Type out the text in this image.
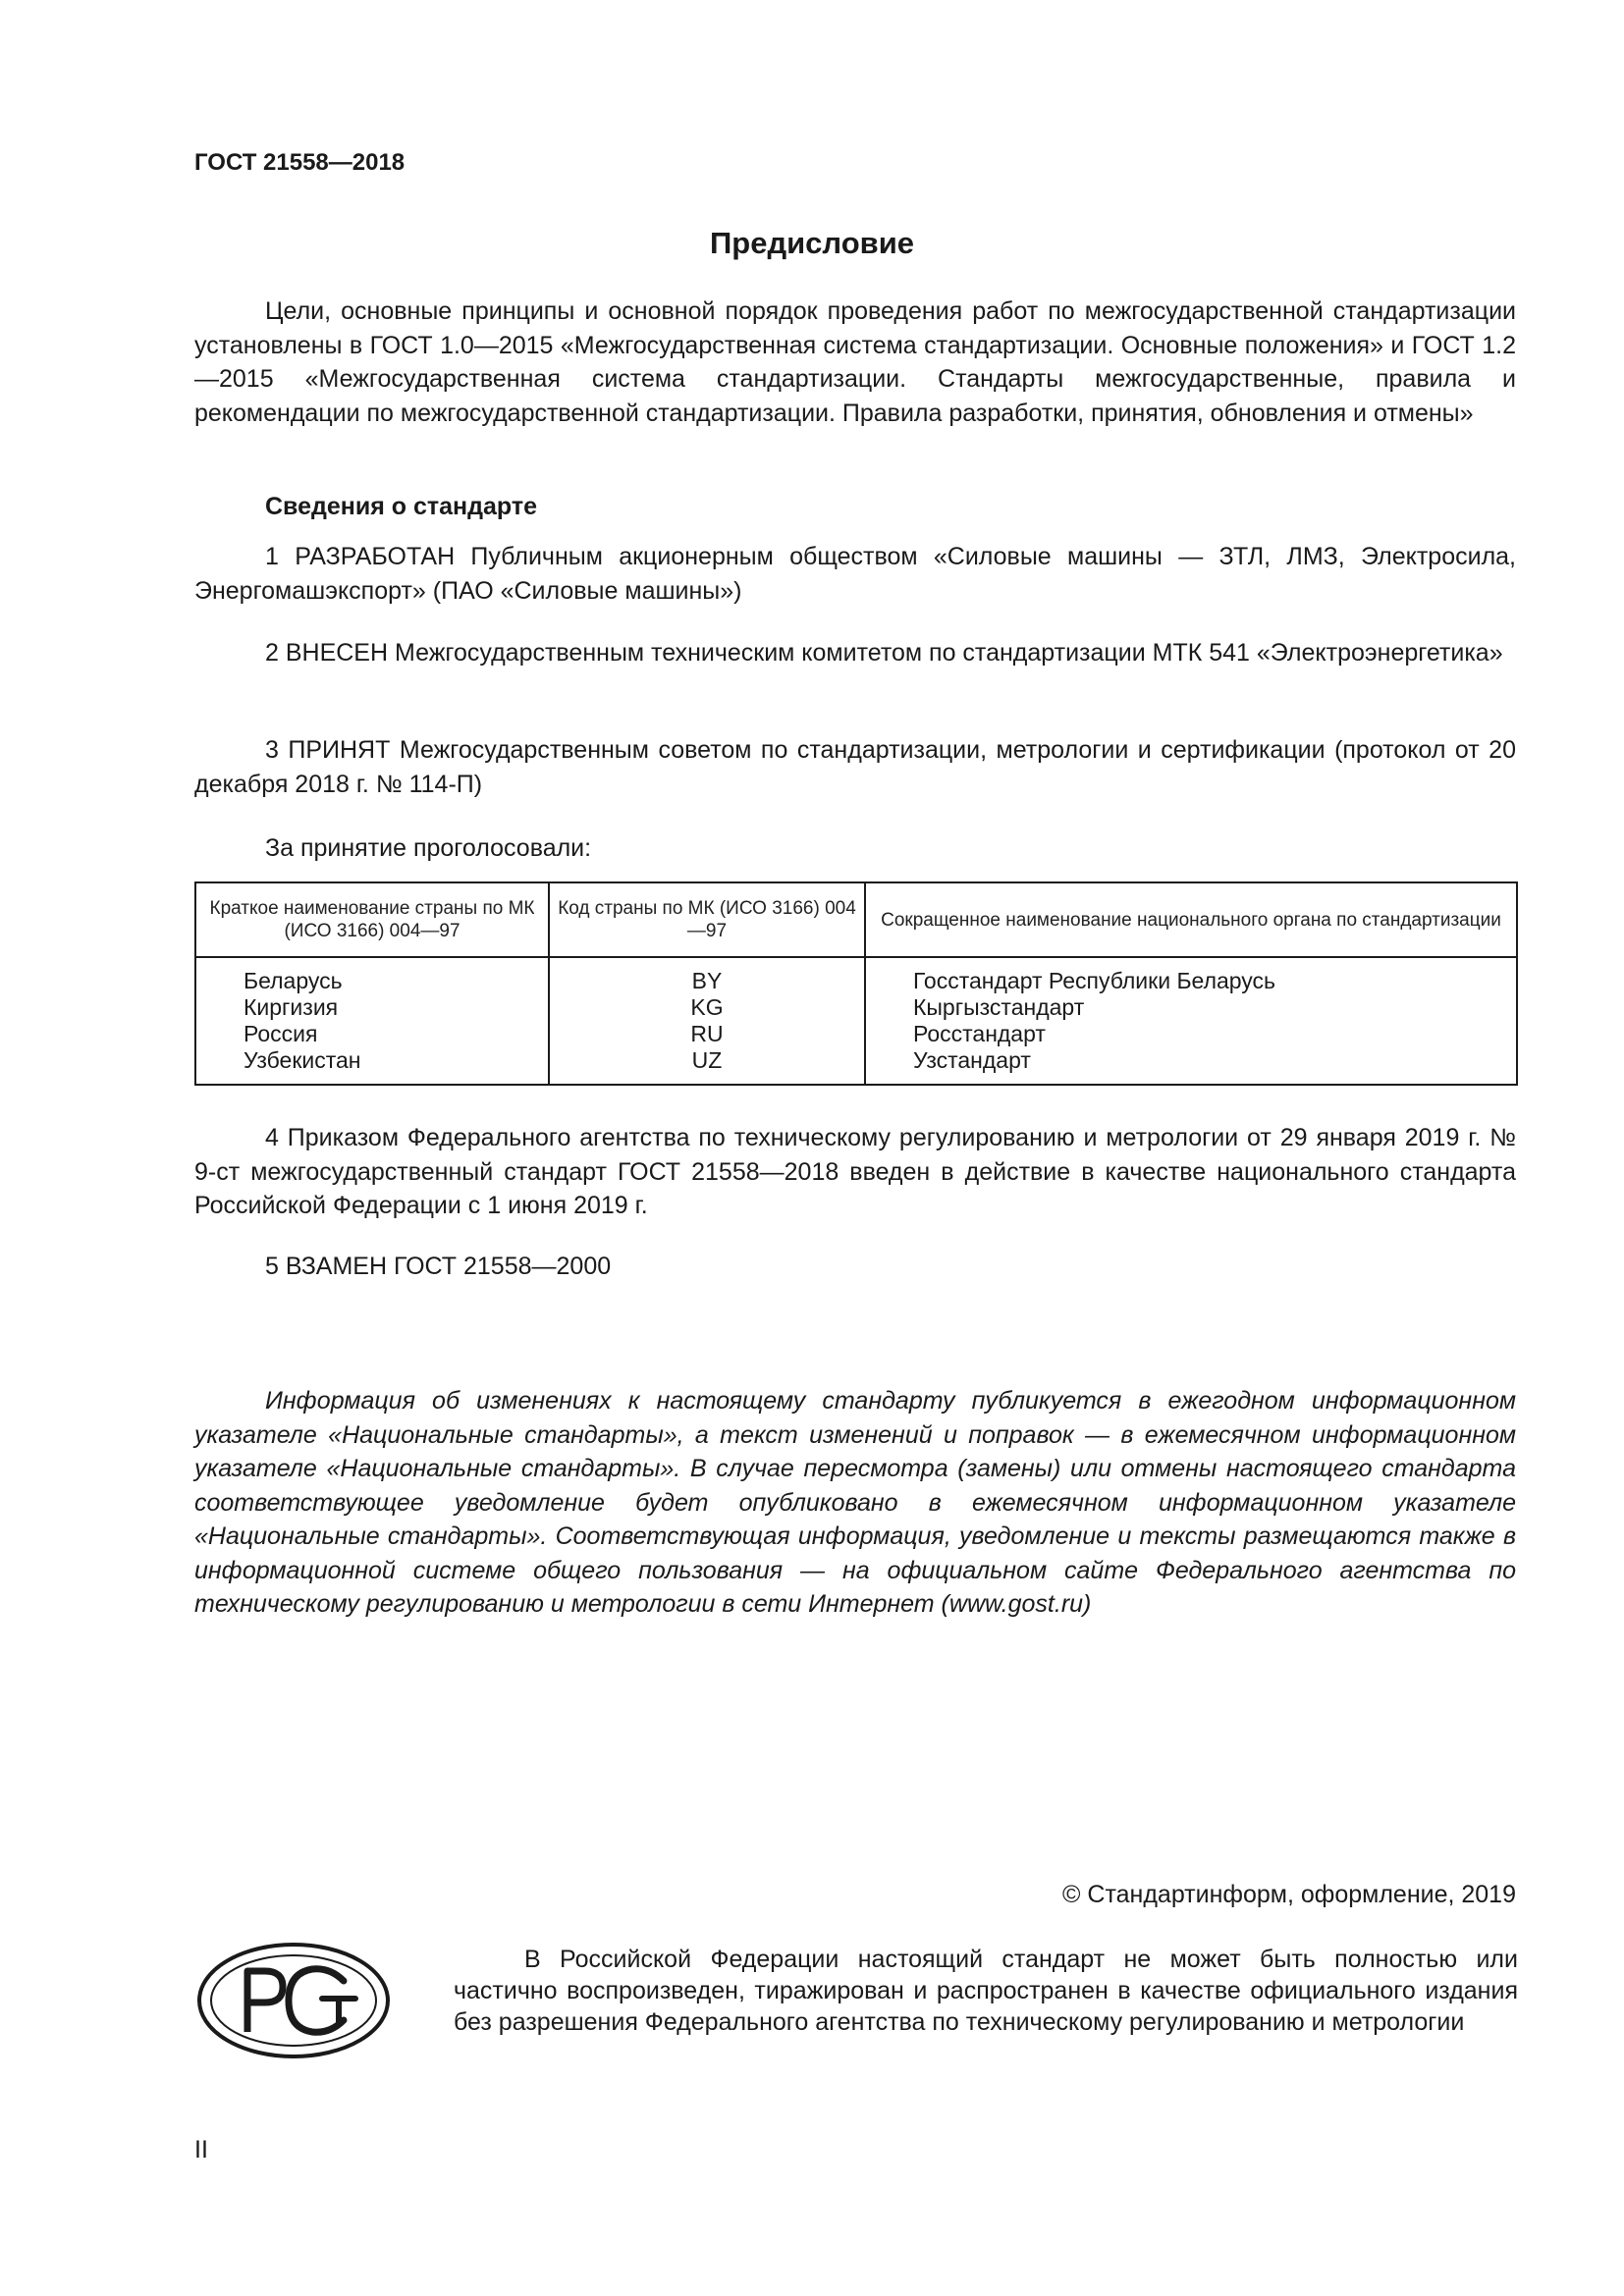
ГОСТ 21558—2018
Предисловие

Цели, основные принципы и основной порядок проведения работ по межгосударственной стандартизации установлены в ГОСТ 1.0—2015 «Межгосударственная система стандартизации. Основные положения» и ГОСТ 1.2—2015 «Межгосударственная система стандартизации. Стандарты межгосударственные, правила и рекомендации по межгосударственной стандартизации. Правила разработки, принятия, обновления и отмены»

Сведения о стандарте

1 РАЗРАБОТАН Публичным акционерным обществом «Силовые машины — ЗТЛ, ЛМЗ, Электросила, Энергомашэкспорт» (ПАО «Силовые машины»)

2 ВНЕСЕН Межгосударственным техническим комитетом по стандартизации МТК 541 «Электроэнергетика»

3 ПРИНЯТ Межгосударственным советом по стандартизации, метрологии и сертификации (протокол от 20 декабря 2018 г. № 114-П)

За принятие проголосовали:
Краткое наименование страны по МК (ИСО 3166) 004—97	Код страны по МК (ИСО 3166) 004—97	Сокращенное наименование национального органа по стандартизации
Беларусь	BY	Госстандарт Республики Беларусь
Киргизия	KG	Кыргызстандарт
Россия	RU	Росстандарт
Узбекистан	UZ	Узстандарт

4 Приказом Федерального агентства по техническому регулированию и метрологии от 29 января 2019 г. № 9-ст межгосударственный стандарт ГОСТ 21558—2018 введен в действие в качестве национального стандарта Российской Федерации с 1 июня 2019 г.

5 ВЗАМЕН ГОСТ 21558—2000

Информация об изменениях к настоящему стандарту публикуется в ежегодном информационном указателе «Национальные стандарты», а текст изменений и поправок — в ежемесячном информационном указателе «Национальные стандарты». В случае пересмотра (замены) или отмены настоящего стандарта соответствующее уведомление будет опубликовано в ежемесячном информационном указателе «Национальные стандарты». Соответствующая информация, уведомление и тексты размещаются также в информационной системе общего пользования — на официальном сайте Федерального агентства по техническому регулированию и метрологии в сети Интернет (www.gost.ru)

© Стандартинформ, оформление, 2019

В Российской Федерации настоящий стандарт не может быть полностью или частично воспроизведен, тиражирован и распространен в качестве официального издания без разрешения Федерального агентства по техническому регулированию и метрологии

II
